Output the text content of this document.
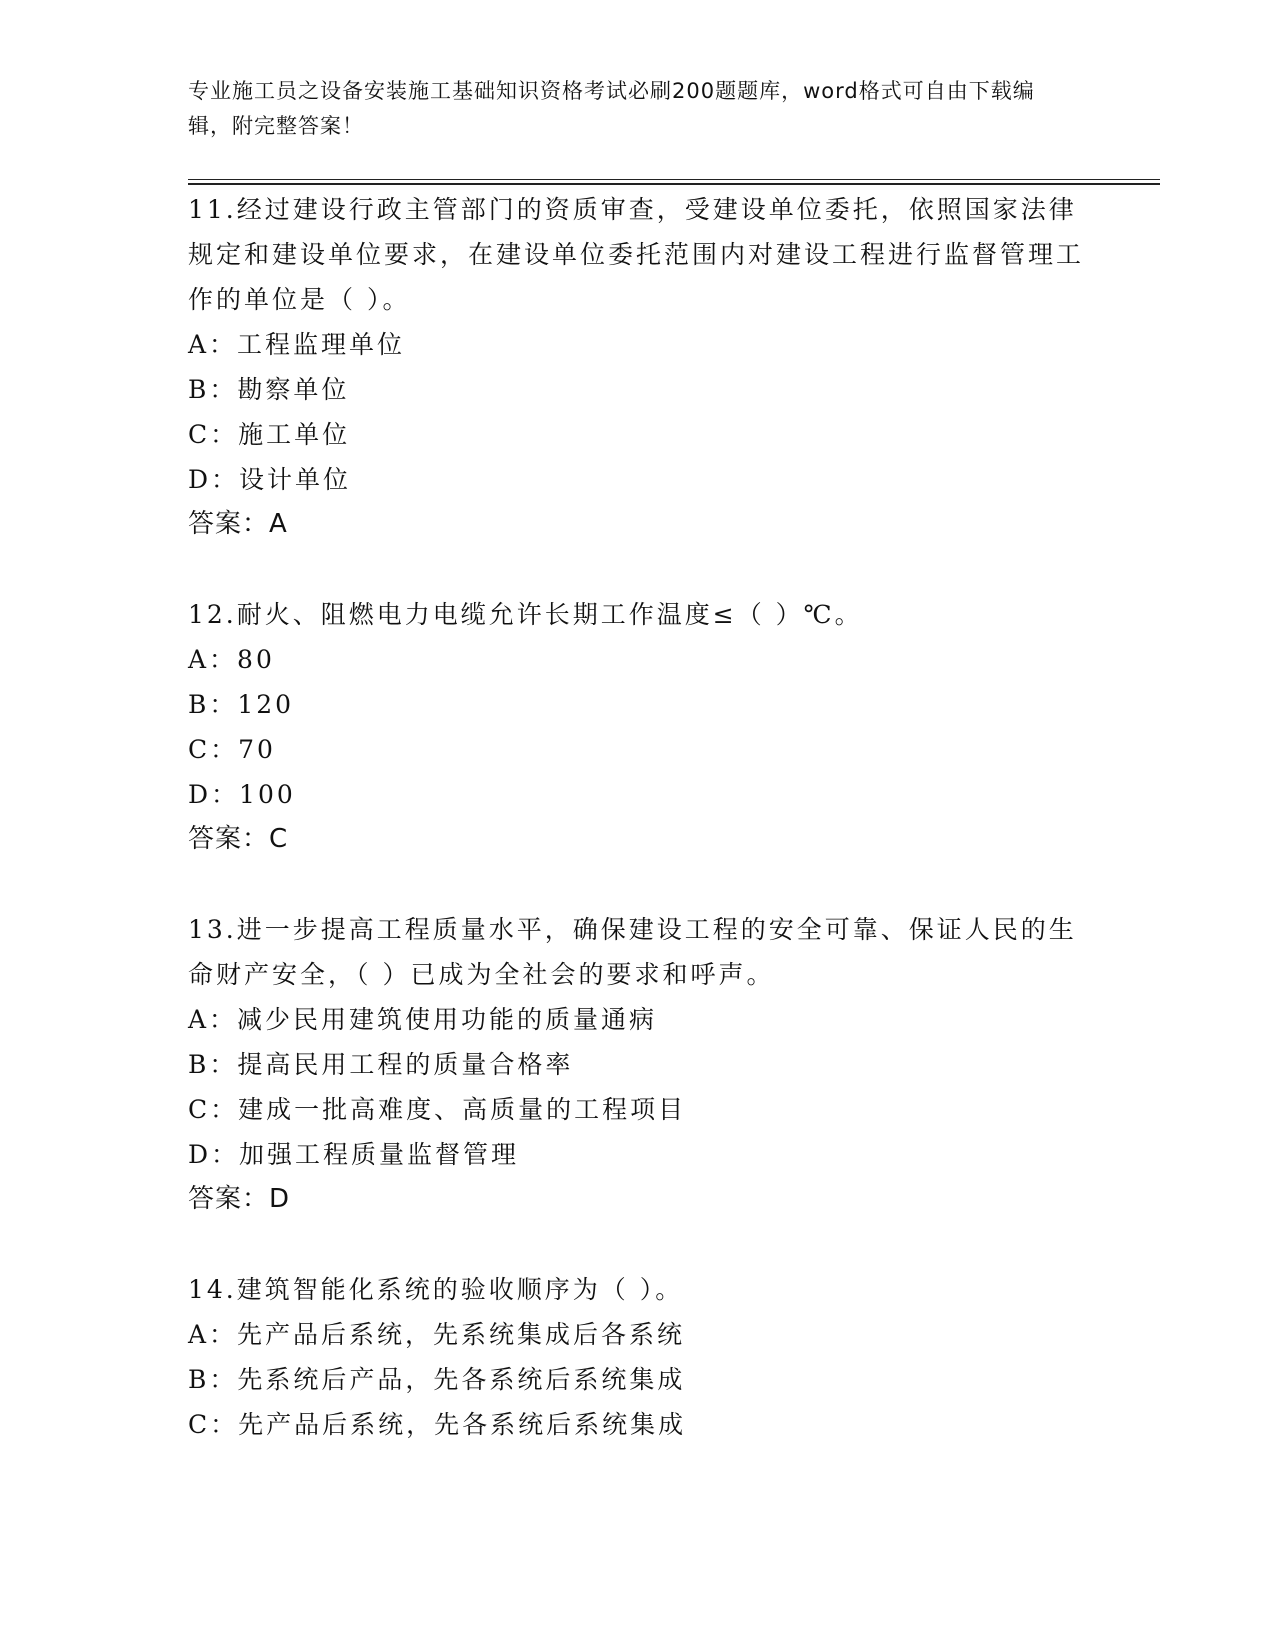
专业施工员之设备安装施工基础知识资格考试必刷200题题库，word格式可自由下载编辑，附完整答案！

11.经过建设行政主管部门的资质审查，受建设单位委托，依照国家法律规定和建设单位要求，在建设单位委托范围内对建设工程进行监督管理工作的单位是（ ）。

A：工程监理单位

B：勘察单位

C：施工单位

D：设计单位

答案：A

12.耐火、阻燃电力电缆允许长期工作温度≤（ ）℃。

A：80

B：120

C：70

D：100

答案：C

13.进一步提高工程质量水平，确保建设工程的安全可靠、保证人民的生命财产安全，（ ）已成为全社会的要求和呼声。

A：减少民用建筑使用功能的质量通病

B：提高民用工程的质量合格率

C：建成一批高难度、高质量的工程项目

D：加强工程质量监督管理

答案：D

14.建筑智能化系统的验收顺序为（ ）。

A：先产品后系统，先系统集成后各系统

B：先系统后产品，先各系统后系统集成

C：先产品后系统，先各系统后系统集成
